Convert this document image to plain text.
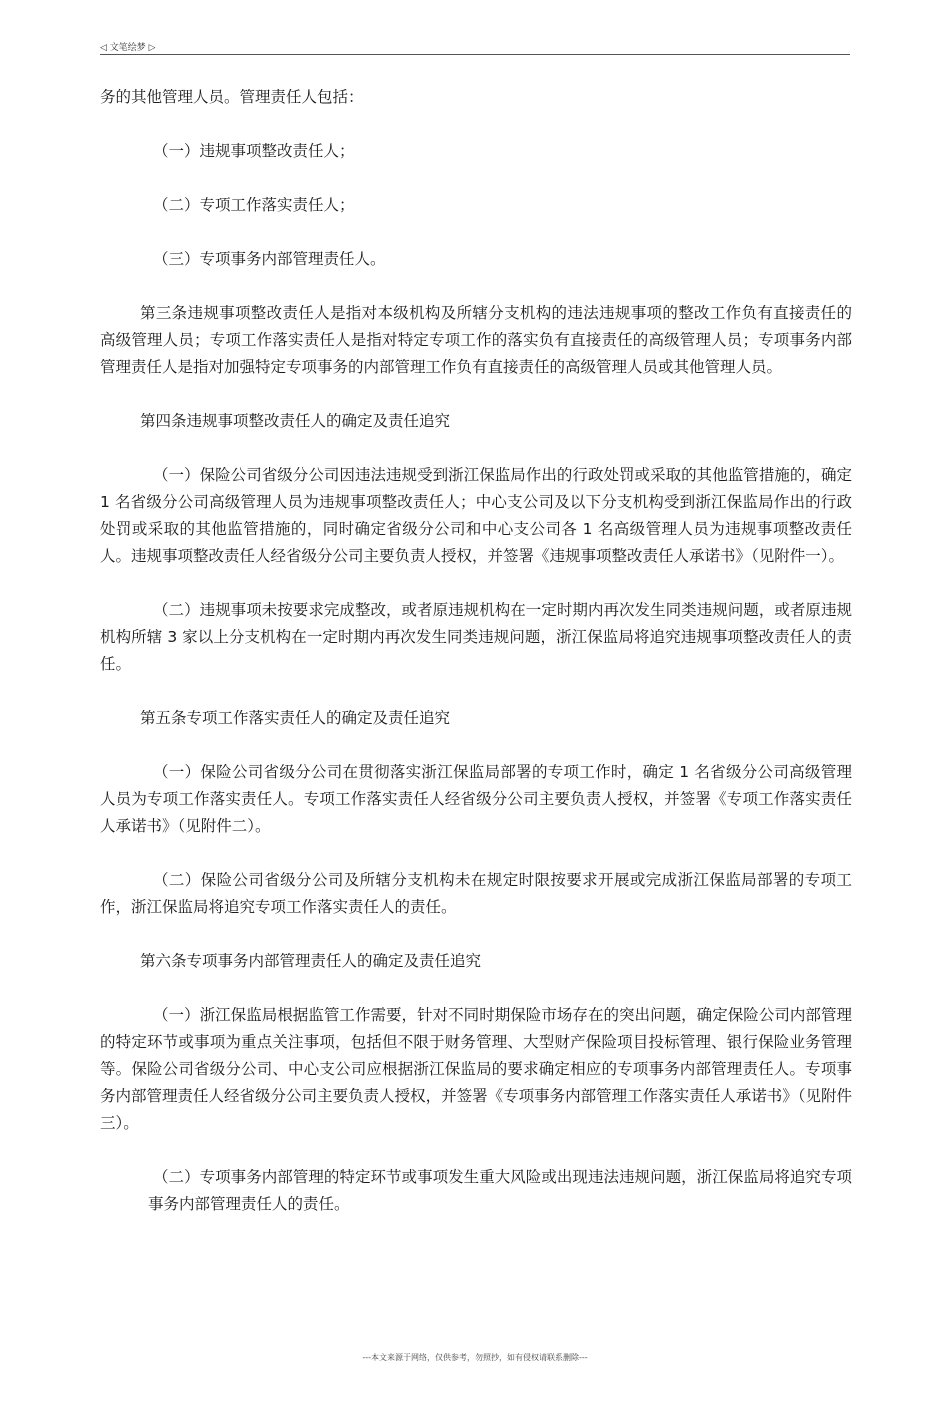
◁ 文笔绘梦 ▷

务的其他管理人员。管理责任人包括：

（一）违规事项整改责任人；

（二）专项工作落实责任人；

（三）专项事务内部管理责任人。

第三条违规事项整改责任人是指对本级机构及所辖分支机构的违法违规事项的整改工作负有直接责任的高级管理人员；专项工作落实责任人是指对特定专项工作的落实负有直接责任的高级管理人员；专项事务内部管理责任人是指对加强特定专项事务的内部管理工作负有直接责任的高级管理人员或其他管理人员。

第四条违规事项整改责任人的确定及责任追究

（一）保险公司省级分公司因违法违规受到浙江保监局作出的行政处罚或采取的其他监管措施的，确定 1 名省级分公司高级管理人员为违规事项整改责任人；中心支公司及以下分支机构受到浙江保监局作出的行政处罚或采取的其他监管措施的，同时确定省级分公司和中心支公司各 1 名高级管理人员为违规事项整改责任人。违规事项整改责任人经省级分公司主要负责人授权，并签署《违规事项整改责任人承诺书》（见附件一）。

（二）违规事项未按要求完成整改，或者原违规机构在一定时期内再次发生同类违规问题，或者原违规机构所辖 3 家以上分支机构在一定时期内再次发生同类违规问题，浙江保监局将追究违规事项整改责任人的责任。

第五条专项工作落实责任人的确定及责任追究

（一）保险公司省级分公司在贯彻落实浙江保监局部署的专项工作时，确定 1 名省级分公司高级管理人员为专项工作落实责任人。专项工作落实责任人经省级分公司主要负责人授权，并签署《专项工作落实责任人承诺书》（见附件二）。

（二）保险公司省级分公司及所辖分支机构未在规定时限按要求开展或完成浙江保监局部署的专项工作，浙江保监局将追究专项工作落实责任人的责任。

第六条专项事务内部管理责任人的确定及责任追究

（一）浙江保监局根据监管工作需要，针对不同时期保险市场存在的突出问题，确定保险公司内部管理的特定环节或事项为重点关注事项，包括但不限于财务管理、大型财产保险项目投标管理、银行保险业务管理等。保险公司省级分公司、中心支公司应根据浙江保监局的要求确定相应的专项事务内部管理责任人。专项事务内部管理责任人经省级分公司主要负责人授权，并签署《专项事务内部管理工作落实责任人承诺书》（见附件三）。

（二）专项事务内部管理的特定环节或事项发生重大风险或出现违法违规问题，浙江保监局将追究专项事务内部管理责任人的责任。

---本文来源于网络，仅供参考，勿照抄，如有侵权请联系删除---
